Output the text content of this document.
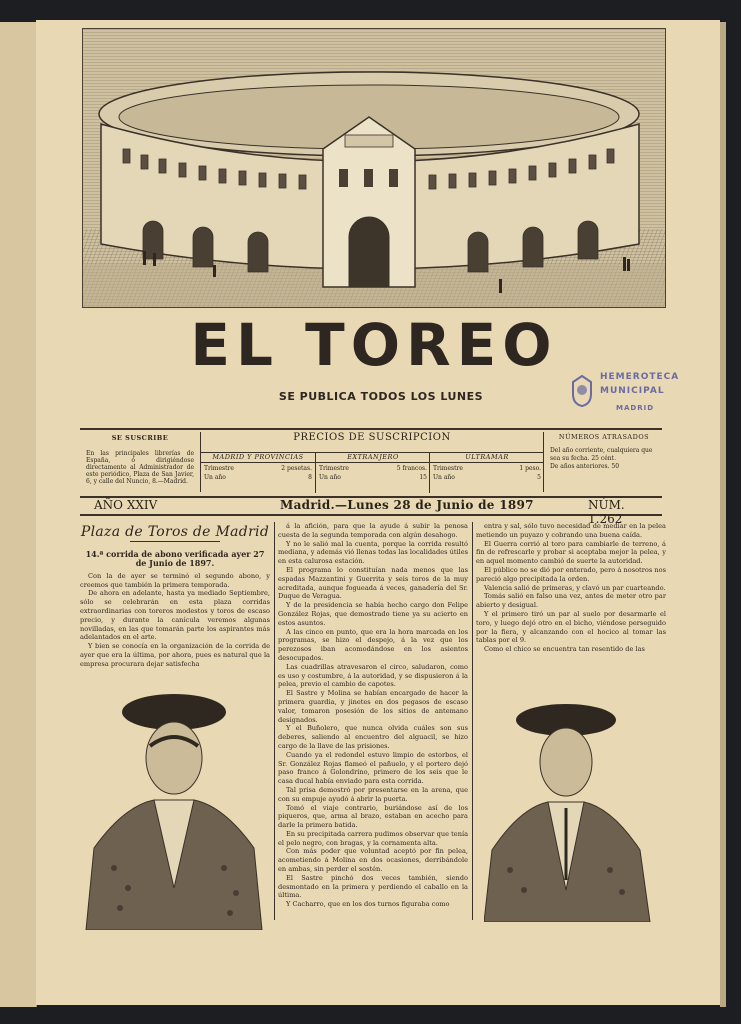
EL TOREO
SE PUBLICA TODOS LOS LUNES
HEMEROTECA
MUNICIPAL
MADRID
SE SUSCRIBE
En las principales librerías de España, ó dirigiéndose directamente al Administrador de este periódico, Plaza de San Javier, 6, y calle del Nuncio, 8.—Madrid.
PRECIOS DE SUSCRIPCION
MADRID Y PROVINCIAS
Trimestre	2 pesetas.
Un año	8
EXTRANJERO
Trimestre	5 francos.
Un año	15
ULTRAMAR
Trimestre	1 peso.
Un año	5
NÚMEROS ATRASADOS
Del año corriente, cualquiera que sea su fecha. 25 cént.
De años anteriores. 50
AÑO XXIV	Madrid.—Lunes 28 de Junio de 1897	NÚM. 1.262
Plaza de Toros de Madrid
14.ª corrida de abono verificada ayer 27 de Junio de 1897.

Con la de ayer se terminó el segundo abono, y creemos que también la primera temporada.

De ahora en adelante, hasta ya mediado Septiembre, sólo se celebrarán en esta plaza corridas extraordinarias con toreros modestos y toros de escaso precio, y durante la canícula veremos algunas novilladas, en las que tomarán parte los aspirantes más adelantados en el arte.

Y bien se conocía en la organización de la corrida de ayer que era la última, por ahora, pues es natural que la empresa procurara dejar satisfecha

á la afición, para que la ayude á subir la penosa cuesta de la segunda temporada con algún desahogo.

Y no le salió mal la cuenta, porque la corrida resultó mediana, y además vió llenas todas las localidades útiles en esta calurosa estación.

El programa lo constituían nada menos que las espadas Mazzantini y Guerrita y seis toros de la muy acreditada, aunque fogueada á veces, ganadería del Sr. Duque de Veragua.

Y de la presidencia se había hecho cargo don Felipe González Rojas, que demostrado tiene ya su acierto en estos asuntos.

A las cinco en punto, que era la hora marcada en los programas, se hizo el despejo, á la vez que los perezosos iban acomodándose en los asientos desocupados.

Las cuadrillas atravesaron el circo, saludaron, como es uso y costumbre, á la autoridad, y se dispusieron á la pelea, previo el cambio de capotes.

El Sastre y Molina se habían encargado de hacer la primera guardia, y jinetes en dos pegasos de escaso valor, tomaron posesión de los sitios de antemano designados.

Y el Buñolero, que nunca olvida cuáles son sus deberes, saliendo al encuentro del alguacil, se hizo cargo de la llave de las prisiones.

Cuando ya el redondel estuvo limpio de estorbos, el Sr. González Rojas flameó el pañuelo, y el portero dejó paso franco á Golondrino, primero de los seis que le casa ducal había enviado para esta corrida.

Tal prisa demostró por presentarse en la arena, que con su empuje ayudó á abrir la puerta.

Tomó el viaje contrario, buriándose así de los piqueros, que, arma al brazo, estaban en acecho para darle la primera batida.

En su precipitada carrera pudimos observar que tenía el pelo negro, con bragas, y la cornamenta alta.

Con más poder que voluntad aceptó por fin pelea, acometiendo á Molina en dos ocasiones, derribándole en ambas, sin perder el sostén.

El Sastre pinchó dos veces también, siendo desmontado en la primera y perdiendo el caballo en la última.

Y Cacharro, que en los dos turnos figuraba como

entra y sal, sólo tuvo necesidad de mediar en la pelea metiendo un puyazo y cobrando una buena caída.

El Guerra corrió al toro para cambiarle de terreno, á fin de refrescarle y probar si aceptaba mejor la pelea, y en aquel momento cambió de suerte la autoridad.

El público no se dió por enterado, pero á nosotros nos pareció algo precipitada la orden.

Valencia salió de primeras, y clavó un par cuarteando.

Tomás salió en falso una vez, antes de meter otro par abierto y desigual.

Y el primero tiró un par al suelo por desarmarle el toro, y luego dejó otro en el bicho, viéndose perseguido por la fiera, y alcanzando con el hocico al tomar las tablas por el 9.

Como el chico se encuentra tan resentido de las
